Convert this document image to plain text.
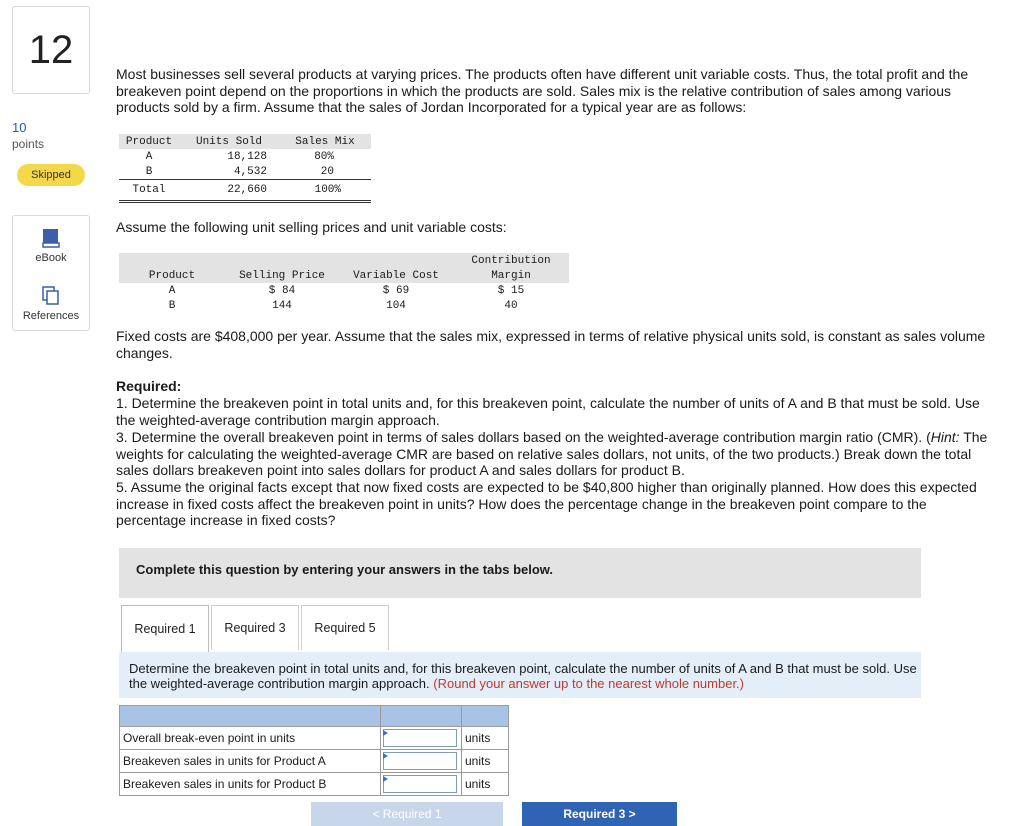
12
10
points
Skipped
eBook
References
Most businesses sell several products at varying prices. The products often have different unit variable costs. Thus, the total profit and the breakeven point depend on the proportions in which the products are sold. Sales mix is the relative contribution of sales among various products sold by a firm. Assume that the sales of Jordan Incorporated for a typical year are as follows:
Product	Units Sold	Sales Mix
A	18,128	80%
B	4,532	20
Total	22,660	100%
Assume the following unit selling prices and unit variable costs:
			Contribution
Product	Selling Price	Variable Cost	Margin
A	$ 84	$ 69	$ 15
B	144	104	40
Fixed costs are $408,000 per year. Assume that the sales mix, expressed in terms of relative physical units sold, is constant as sales volume changes.
Required:
1. Determine the breakeven point in total units and, for this breakeven point, calculate the number of units of A and B that must be sold. Use the weighted-average contribution margin approach.
3. Determine the overall breakeven point in terms of sales dollars based on the weighted-average contribution margin ratio (CMR). (Hint: The weights for calculating the weighted-average CMR are based on relative sales dollars, not units, of the two products.) Break down the total sales dollars breakeven point into sales dollars for product A and sales dollars for product B.
5. Assume the original facts except that now fixed costs are expected to be $40,800 higher than originally planned. How does this expected increase in fixed costs affect the breakeven point in units? How does the percentage change in the breakeven point compare to the percentage increase in fixed costs?
Complete this question by entering your answers in the tabs below.
Required 1	Required 3	Required 5
Determine the breakeven point in total units and, for this breakeven point, calculate the number of units of A and B that must be sold. Use the weighted-average contribution margin approach. (Round your answer up to the nearest whole number.)

Overall break-even point in units		units
Breakeven sales in units for Product A		units
Breakeven sales in units for Product B		units
< Required 1	Required 3 >
